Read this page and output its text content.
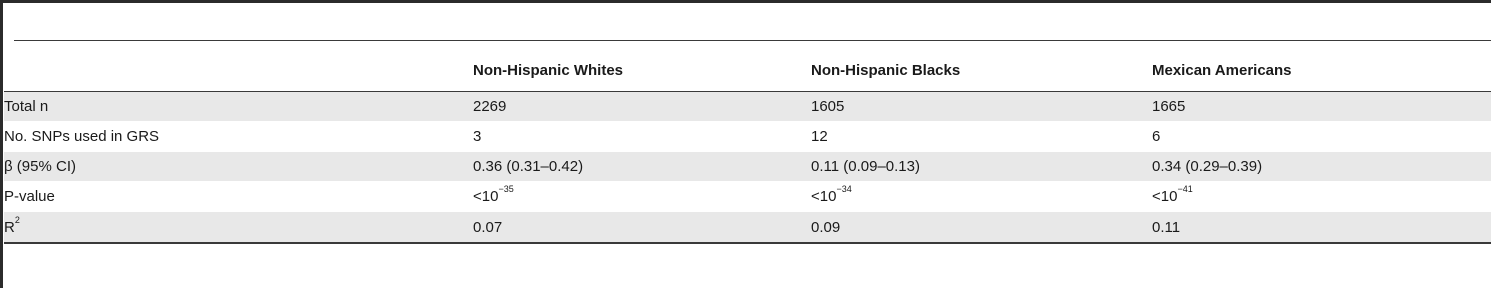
	Non-Hispanic Whites	Non-Hispanic Blacks	Mexican Americans
Total n	2269	1605	1665
No. SNPs used in GRS	3	12	6
β (95% CI)	0.36 (0.31–0.42)	0.11 (0.09–0.13)	0.34 (0.29–0.39)
P-value	$<10^{-35}$	$<10^{-34}$	$<10^{-41}$
$R^2$	0.07	0.09	0.11
